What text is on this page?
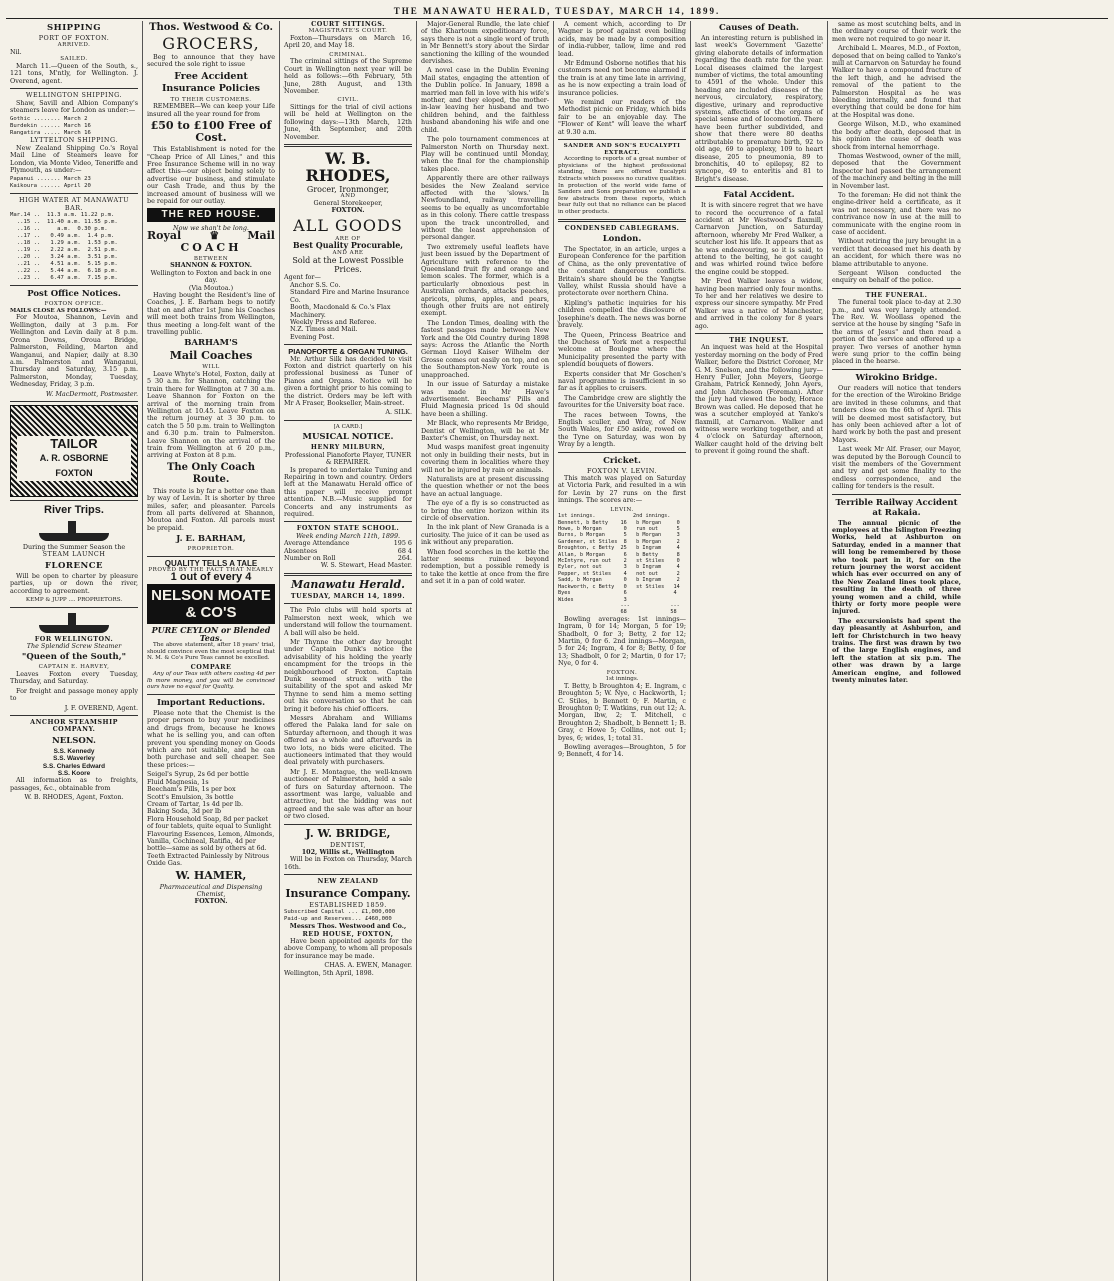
THE MANAWATU HERALD, TUESDAY, MARCH 14, 1899.
SHIPPING
PORT OF FOXTON.
ARRIVED.
Nil.
SAILED.

March 11.—Queen of the South, s., 121 tons, M'ntly, for Wellington. J. Overend, agent.

WELLINGTON SHIPPING.

Shaw, Savill and Albion Company's steamers leave for London as under:—

Gothic ........ March 2
Burdekin ...... March 16
Rangatira ..... March 16
LYTTELTON SHIPPING.

New Zealand Shipping Co.'s Royal Mail Line of Steamers leave for London, via Monte Video, Teneriffe and Plymouth, as under:—

Papanui ....... March 23
Kaikoura ...... April 20
HIGH WATER AT MANAWATU BAR.
Mar.14 ..  11.3 a.m. 11.22 p.m.
..15 ..  11.40 a.m. 11.55 p.m.
..16 ..     a.m.  0.30 p.m.
..17 ..   0.49 a.m.  1.4 p.m.
..18 ..   1.29 a.m.  1.53 p.m.
..19 ..   2.22 a.m.  2.51 p.m.
..20 ..   3.24 a.m.  3.51 p.m.
..21 ..   4.51 a.m.  5.15 p.m.
..22 ..   5.44 a.m.  6.18 p.m.
..23 ..   6.47 a.m.  7.15 p.m.
Post Office Notices.
FOXTON OFFICE.
MAILS CLOSE AS FOLLOWS:—

For Moutoa, Shannon, Levin and Wellington, daily at 3 p.m. For Wellington and Levin daily at 8 p.m. Orona Downs, Oroua Bridge, Palmerston, Feilding, Marton and Wanganui, and Napier, daily at 8.30 a.m. Palmerston and Wanganui, Thursday and Saturday, 3.15 p.m. Palmerston, Monday, Tuesday, Wednesday, Friday, 3 p.m.

W. MacDermott, Postmaster.
TAILOR
A. R. OSBORNE
FOXTON
River Trips.
During the Summer Season the
STEAM LAUNCH
FLORENCE

Will be open to charter by pleasure parties, up or down the river, according to agreement.

KEMP & JUPP .... PROPRIETORS.
FOR WELLINGTON.
The Splendid Screw Steamer
"Queen of the South,"
CAPTAIN E. HARVEY,

Leaves Foxton every Tuesday, Thursday, and Saturday.

For freight and passage money apply to

J. F. OVEREND, Agent.
ANCHOR STEAMSHIP COMPANY.
NELSON.
S.S. Kennedy
S.S. Waverley
S.S. Charles Edward
S.S. Koore

All information as to freights, passages, &c., obtainable from

W. B. RHODES, Agent, Foxton.
Thos. Westwood & Co.
GROCERS,

Beg to announce that they have secured the sole right to issue

Free Accident Insurance Policies
TO THEIR CUSTOMERS.

REMEMBER—We can keep your Life insured all the year round for from

£50 to £100 Free of Cost.

This Establishment is noted for the "Cheap Price of All Lines," and this Free Insurance Scheme will in no way affect this—our object being solely to advertise our business, and stimulate our Cash Trade, and thus by the increased amount of business will we be repaid for our outlay.

THE RED HOUSE.
Now we shan't be long.
Royal	♛	Mail
COACH
BETWEEN
SHANNON & FOXTON.
Wellington to Foxton and back in one day.
(Via Moutoa.)

Having bought the Resident's line of Coaches, J. E. Barham begs to notify that on and after 1st June his Coaches will meet both trains from Wellington, thus meeting a long-felt want of the travelling public.

BARHAM'S
Mail Coaches
WILL

Leave Whyte's Hotel, Foxton, daily at 5 30 a.m. for Shannon, catching the train there for Wellington at 7 30 a.m. Leave Shannon for Foxton on the arrival of the morning train from Wellington at 10.45. Leave Foxton on the return journey at 3 30 p.m. to catch the 5 50 p.m. train to Wellington and 6.30 p.m. train to Palmerston. Leave Shannon on the arrival of the train from Wellington at 6 20 p.m., arriving at Foxton at 8 p.m.

The Only Coach Route.

This route is by far a better one than by way of Levin. It is shorter by three miles, safer, and pleasanter. Parcels from all parts delivered at Shannon, Moutoa and Foxton. All parcels must be prepaid.

J. E. BARHAM,
PROPRIETOR.
QUALITY TELLS A TALE
PROVED BY THE FACT THAT NEARLY
1 out of every 4
NELSON MOATE & CO'S
PURE CEYLON or Blended Teas.

The above statement, after 18 years' trial, should convince even the most sceptical that N. M. & Co's Pure Teas cannot be excelled.

COMPARE

Any of our Teas with others costing 4d per lb more money, and you will be convinced ours have no equal for Quality.

Important Reductions.

Please note that the Chemist is the proper person to buy your medicines and drugs from, because he knows what he is selling you, and can often prevent you spending money on Goods which are not suitable, and he can both purchase and sell cheaper. See these prices:—

Seigel's Syrup, 2s 6d per bottle
Fluid Magnesia, 1s
Beecham's Pills, 1s per box
Scott's Emulsion, 3s bottle
Cream of Tartar, 1s 4d per lb.
Baking Soda, 3d per lb
Flora Household Soap, 8d per packet of four tablets, quite equal to Sunlight
Flavouring Essences, Lemon, Almonds, Vanilla, Cochineal, Ratifia, 4d per bottle—same as sold by others at 6d.
Teeth Extracted Painlessly by Nitrous Oxide Gas.
W. HAMER,
Pharmaceutical and Dispensing Chemist,
FOXTON.
COURT SITTINGS.
MAGISTRATE'S COURT.

Foxton—Thursdays on March 16, April 20, and May 18.

CRIMINAL.

The criminal sittings of the Supreme Court in Wellington next year will be held as follows:—6th February, 5th June, 28th August, and 13th November.

CIVIL.

Sittings for the trial of civil actions will be held at Wellington on the following days:—13th March, 12th June, 4th September, and 20th November.

W. B. RHODES,
Grocer, Ironmonger,
AND
General Storekeeper,
FOXTON.
ALL GOODS
ARE OF
Best Quality Procurable,
AND ARE
Sold at the Lowest Possible Prices.
Agent for—
Anchor S.S. Co.
Standard Fire and Marine Insurance Co.
Booth, Macdonald & Co.'s Flax Machinery.
Weekly Press and Referee.
N.Z. Times and Mail.
Evening Post.
PIANOFORTE & ORGAN TUNING.

Mr. Arthur Silk has decided to visit Foxton and district quarterly on his professional business as Tuner of Pianos and Organs. Notice will be given a fortnight prior to his coming to the district. Orders may be left with Mr A Fraser, Bookseller, Main-street.

A. SILK.
[A CARD.]
MUSICAL NOTICE.
HENRY MILBURN,
Professional Pianoforte Player, TUNER & REPAIRER.

Is prepared to undertake Tuning and Repairing in town and country. Orders left at the Manawatu Herald office of this paper will receive prompt attention. N.B.—Music supplied for Concerts and any instruments as required.

FOXTON STATE SCHOOL.
Week ending March 11th, 1899.
Average Attendance	195 6
Absentees	68 4
Number on Roll	264.
W. S. Stewart, Head Master.
Manawatu Herald.
TUESDAY, MARCH 14, 1899.

The Polo clubs will hold sports at Palmerston next week, which we understand will follow the tournament. A ball will also be held.

Mr Thynne the other day brought under Captain Dunk's notice the advisability of his holding the yearly encampment for the troops in the neighbourhood of Foxton. Captain Dunk seemed struck with the suitability of the spot and asked Mr Thynne to send him a memo setting out his conversation so that he can bring it before his chief officers.

Messrs Abraham and Williams offered the Palaka land for sale on Saturday afternoon, and though it was offered as a whole and afterwards in two lots, no bids were elicited. The auctioneers intimated that they would deal privately with purchasers.

Mr J. E. Montague, the well-known auctioneer of Palmerston, held a sale of furs on Saturday afternoon. The assortment was large, valuable and attractive, but the bidding was not agreed and the sale was after an hour or two closed.

J. W. BRIDGE,
DENTIST,
102, Willis st., Wellington

Will be in Foxton on Thursday, March 16th.

NEW ZEALAND
Insurance Company.
ESTABLISHED 1859.
Subscribed Capital ... £1,000,000
Paid-up and Reserves... £460,000
Messrs Thos. Westwood and Co.,
RED HOUSE, FOXTON,

Have been appointed agents for the above Company, to whom all proposals for insurance may be made.

CHAS. A. EWEN, Manager.
Wellington, 5th April, 1898.

Major-General Rundle, the late chief of the Khartoum expeditionary force, says there is not a single word of truth in Mr Bennett's story about the Sirdar sanctioning the killing of the wounded dervishes.

A novel case in the Dublin Evening Mail states, engaging the attention of the Dublin police. In January, 1898 a married man fell in love with his wife's mother, and they eloped, the mother-in-law leaving her husband and two children behind, and the faithless husband abandoning his wife and one child.

The polo tournament commences at Palmerston North on Thursday next. Play will be continued until Monday, when the final for the championship takes place.

Apparently there are other railways besides the New Zealand service affected with the 'slows.' In Newfoundland, railway travelling seems to be equally as uncomfortable as in this colony. There cattle trespass upon the track uncontrolled, and without the least apprehension of personal danger.

Two extremely useful leaflets have just been issued by the Department of Agriculture with reference to the Queensland fruit fly and orange and lemon scales. The former, which is a particularly obnoxious pest in Australian orchards, attacks peaches, apricots, plums, apples, and pears, though other fruits are not entirely exempt.

The London Times, dealing with the fastest passages made between New York and the Old Country during 1898 says: Across the Atlantic the North German Lloyd Kaiser Wilhelm der Grosse comes out easily on top, and on the Southampton-New York route is unapproached.

In our issue of Saturday a mistake was made in Mr Hawe's advertisement. Beechams' Pills and Fluid Magnesia priced 1s 0d should have been a shilling.

Mr Black, who represents Mr Bridge, Dentist of Wellington, will be at Mr Baxter's Chemist, on Thursday next.

Mud wasps manifest great ingenuity not only in building their nests, but in covering them in localities where they will not be injured by rain or animals.

Naturalists are at present discussing the question whether or not the bees have an actual language.

The eye of a fly is so constructed as to bring the entire horizon within its circle of observation.

In the ink plant of New Granada is a curiosity. The juice of it can be used as ink without any preparation.

When food scorches in the kettle the latter seems ruined beyond redemption, but a possible remedy is to take the kettle at once from the fire and set it in a pan of cold water.

A cement which, according to Dr Wagner is proof against even boiling acids, may be made by a composition of india-rubber, tallow, lime and red lead.

Mr Edmund Osborne notifies that his customers need not become alarmed if the train is at any time late in arriving, as he is now expecting a train load of insurance policies.

We remind our readers of the Methodist picnic on Friday, which bids fair to be an enjoyable day. The "Flower of Kent" will leave the wharf at 9.30 a.m.

SANDER AND SON'S EUCALYPTI EXTRACT.

According to reports of a great number of physicians of the highest professional standing, there are offered Eucalypti Extracts which possess no curative qualities. In protection of the world wide fame of Sanders and Sons preparation we publish a few abstracts from these reports, which bear fully out that no reliance can be placed in other products.

CONDENSED CABLEGRAMS.
London.

The Spectator, in an article, urges a European Conference for the partition of China, as the only preventative of the constant dangerous conflicts. Britain's share should be the Yangtse Valley, whilst Russia should have a protectorate over northern China.

Kipling's pathetic inquiries for his children compelled the disclosure of Josephine's death. The news was borne bravely.

The Queen, Princess Beatrice and the Duchess of York met a respectful welcome at Boulogne where the Municipality presented the party with splendid bouquets of flowers.

Experts consider that Mr Goschen's naval programme is insufficient in so far as it applies to cruisers.

The Cambridge crew are slightly the favourites for the University boat race.

The races between Towns, the English sculler, and Wray, of New South Wales, for £50 aside, rowed on the Tyne on Saturday, was won by Wray by a length.

Cricket.
FOXTON V. LEVIN.

This match was played on Saturday at Victoria Park, and resulted in a win for Levin by 27 runs on the first innings. The scores are:—

LEVIN.
1st innings.            2nd innings.
Bennett, b Betty    16   b Morgan     0
Howe, b Morgan       0   run out      5
Burns, b Morgan      5   b Morgan     3
Gardener, st Stiles  8   b Morgan     2
Broughton, c Betty  25   b Ingram     4
Allan, b Morgan      6   b Betty      8
McIntyre, run out    2   st Stiles    0
Eyler, not out       3   b Ingram     4
Pepper, st Stiles    4   not out      2
Sadd, b Morgan       0   b Ingram     2
Hackworth, c Betty   0   st Stiles   14
Byes                 6               4
Wides                3
---             ---
68              58

Bowling averages: 1st innings—Ingram, 0 for 14; Morgan, 5 for 19; Shadbolt, 0 for 3; Betty, 2 for 12; Martin, 0 for 6. 2nd innings—Morgan, 5 for 24; Ingram, 4 for 8; Betty, 0 for 13; Shadbolt, 0 for 2; Martin, 0 for 17; Nye, 0 for 4.

FOXTON.
1st innings.

T. Betty, b Broughton 4; E. Ingram, c Broughton 5; W. Nye, c Hackworth, 1; C. Stiles, b Bennett 0; F. Martin, c Broughton 0; T. Watkins, run out 12; A. Morgan, lbw, 2; T. Mitchell, c Broughton 2; Shadbolt, b Bennett 1; B. Gray, c Howe 5; Collins, not out 1; byes, 6; wides, 1; total 31.

Bowling averages—Broughton, 5 for 9; Bennett, 4 for 14.

Causes of Death.

An interesting return is published in last week's Government 'Gazette' giving elaborate details of information regarding the death rate for the year. Local diseases claimed the largest number of victims, the total amounting to 4591 of the whole. Under this heading are included diseases of the nervous, circulatory, respiratory, digestive, urinary and reproductive systems, affections of the organs of special sense and of locomotion. There have been further subdivided, and show that there were 80 deaths attributable to premature birth, 92 to old age, 69 to apoplexy, 109 to heart disease, 205 to pneumonia, 89 to bronchitis, 40 to epilepsy, 82 to syncope, 49 to enteritis and 81 to Bright's disease.

Fatal Accident.

It is with sincere regret that we have to record the occurrence of a fatal accident at Mr Westwood's flaxmill, Carnarvon Junction, on Saturday afternoon, whereby Mr Fred Walker, a scutcher lost his life. It appears that as he was endeavouring, so it is said, to attend to the belting, he got caught and was whirled round twice before the engine could be stopped.

Mr Fred Walker leaves a widow, having been married only four months. To her and her relatives we desire to express our sincere sympathy. Mr Fred Walker was a native of Manchester, and arrived in the colony for 8 years ago.

THE INQUEST.

An inquest was held at the Hospital yesterday morning on the body of Fred Walker, before the District Coroner, Mr G. M. Snelson, and the following jury—Henry Fuller, John Meyers, George Graham, Patrick Kennedy, John Ayers, and John Aitcheson (Foreman). After the jury had viewed the body, Horace Brown was called. He deposed that he was a scutcher employed at Yanko's flaxmill, at Carnarvon. Walker and witness were working together, and at 4 o'clock on Saturday afternoon, Walker caught hold of the driving belt to prevent it going round the shaft.

same as most scutching belts, and in the ordinary course of their work the men were not required to go near it.

Archibald L. Meares, M.D., of Foxton, deposed that on being called to Yanko's mill at Carnarvon on Saturday he found Walker to have a compound fracture of the left thigh, and he advised the removal of the patient to the Palmerston Hospital as he was bleeding internally, and found that everything that could be done for him at the Hospital was done.

George Wilson, M.D., who examined the body after death, deposed that in his opinion the cause of death was shock from internal hemorrhage.

Thomas Westwood, owner of the mill, deposed that the Government Inspector had passed the arrangement of the machinery and belting in the mill in November last.

To the foreman: He did not think the engine-driver held a certificate, as it was not necessary, and there was no contrivance now in use at the mill to communicate with the engine room in case of accident.

Without retiring the jury brought in a verdict that deceased met his death by an accident, for which there was no blame attributable to anyone.

Sergeant Wilson conducted the enquiry on behalf of the police.

THE FUNERAL.

The funeral took place to-day at 2.30 p.m., and was very largely attended. The Rev. W. Woollass opened the service at the house by singing "Safe in the arms of Jesus" and then read a portion of the service and offered up a prayer. Two verses of another hymn were sung prior to the coffin being placed in the hearse.

Wirokino Bridge.

Our readers will notice that tenders for the erection of the Wirokino Bridge are invited in these columns, and that tenders close on the 6th of April. This will be deemed most satisfactory, but has only been achieved after a lot of hard work by both the past and present Mayors.

Last week Mr Alf. Fraser, our Mayor, was deputed by the Borough Council to visit the members of the Government and try and get some finality to the endless correspondence, and the calling for tenders is the result.

Terrible Railway Accident at Rakaia.

The annual picnic of the employees at the Islington Freezing Works, held at Ashburton on Saturday, ended in a manner that will long be remembered by those who took part in it, for on the return journey the worst accident which has ever occurred on any of the New Zealand lines took place, resulting in the death of three young women and a child, while thirty or forty more people were injured.

The excursionists had spent the day pleasantly at Ashburton, and left for Christchurch in two heavy trains. The first was drawn by two of the large English engines, and left the station at six p.m. The other was drawn by a large American engine, and followed twenty minutes later.
